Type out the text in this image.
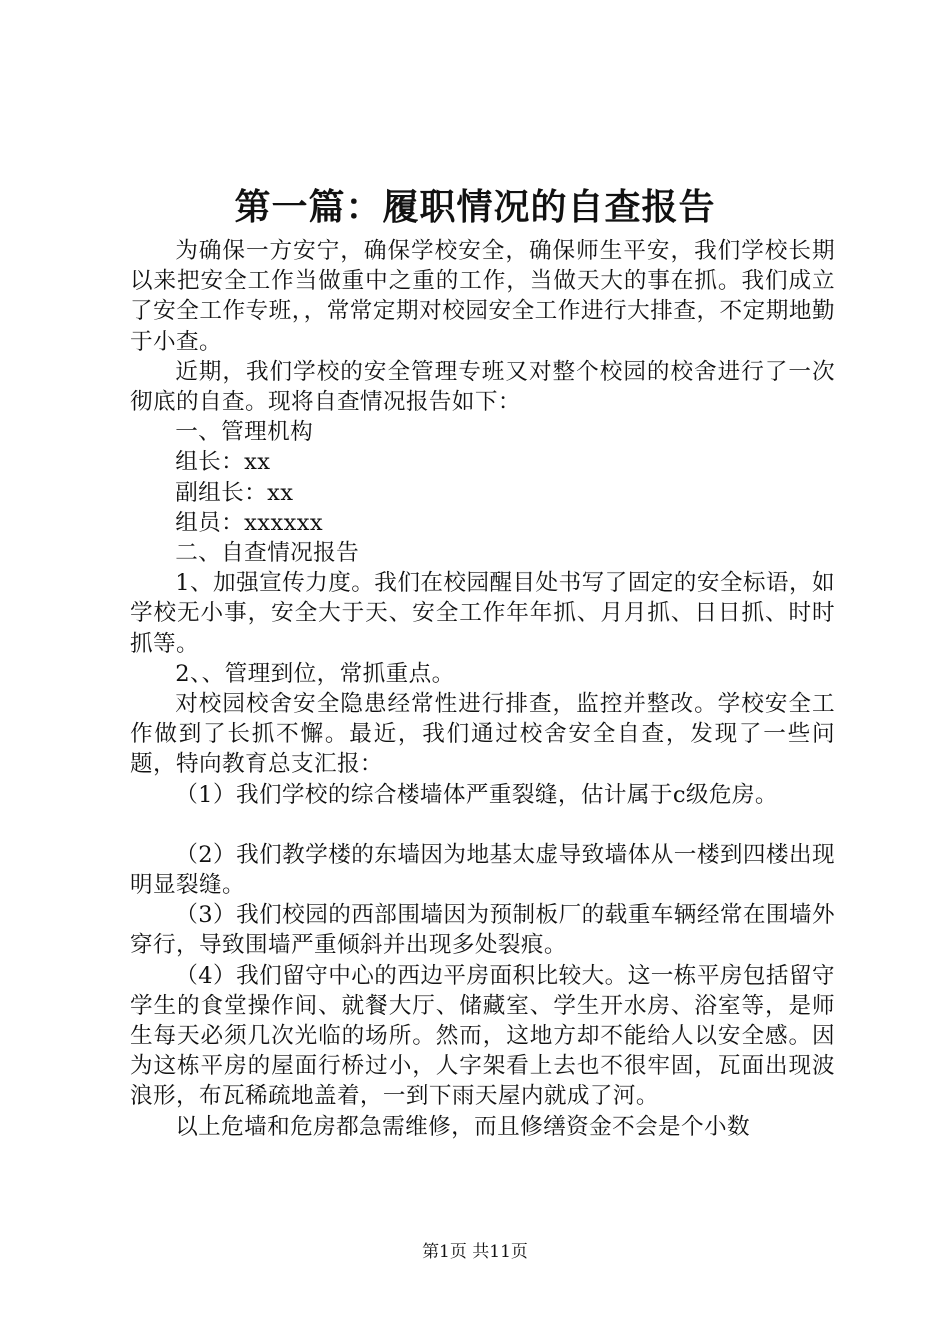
第一篇：履职情况的自查报告

为确保一方安宁，确保学校安全，确保师生平安，我们学校长期以来把安全工作当做重中之重的工作，当做天大的事在抓。我们成立了安全工作专班，，常常定期对校园安全工作进行大排查，不定期地勤于小查。

近期，我们学校的安全管理专班又对整个校园的校舍进行了一次彻底的自查。现将自查情况报告如下：

一、管理机构

组长：xx

副组长：xx

组员：xxxxxx

二、自查情况报告

1、加强宣传力度。我们在校园醒目处书写了固定的安全标语，如学校无小事，安全大于天、安全工作年年抓、月月抓、日日抓、时时抓等。

2、、管理到位，常抓重点。

对校园校舍安全隐患经常性进行排查，监控并整改。学校安全工作做到了长抓不懈。最近，我们通过校舍安全自查，发现了一些问题，特向教育总支汇报：

（1）我们学校的综合楼墙体严重裂缝，估计属于c级危房。

（2）我们教学楼的东墙因为地基太虚导致墙体从一楼到四楼出现明显裂缝。

（3）我们校园的西部围墙因为预制板厂的载重车辆经常在围墙外穿行，导致围墙严重倾斜并出现多处裂痕。

（4）我们留守中心的西边平房面积比较大。这一栋平房包括留守学生的食堂操作间、就餐大厅、储藏室、学生开水房、浴室等，是师生每天必须几次光临的场所。然而，这地方却不能给人以安全感。因为这栋平房的屋面行桥过小，人字架看上去也不很牢固，瓦面出现波浪形，布瓦稀疏地盖着，一到下雨天屋内就成了河。

以上危墙和危房都急需维修，而且修缮资金不会是个小数

第1页 共11页
